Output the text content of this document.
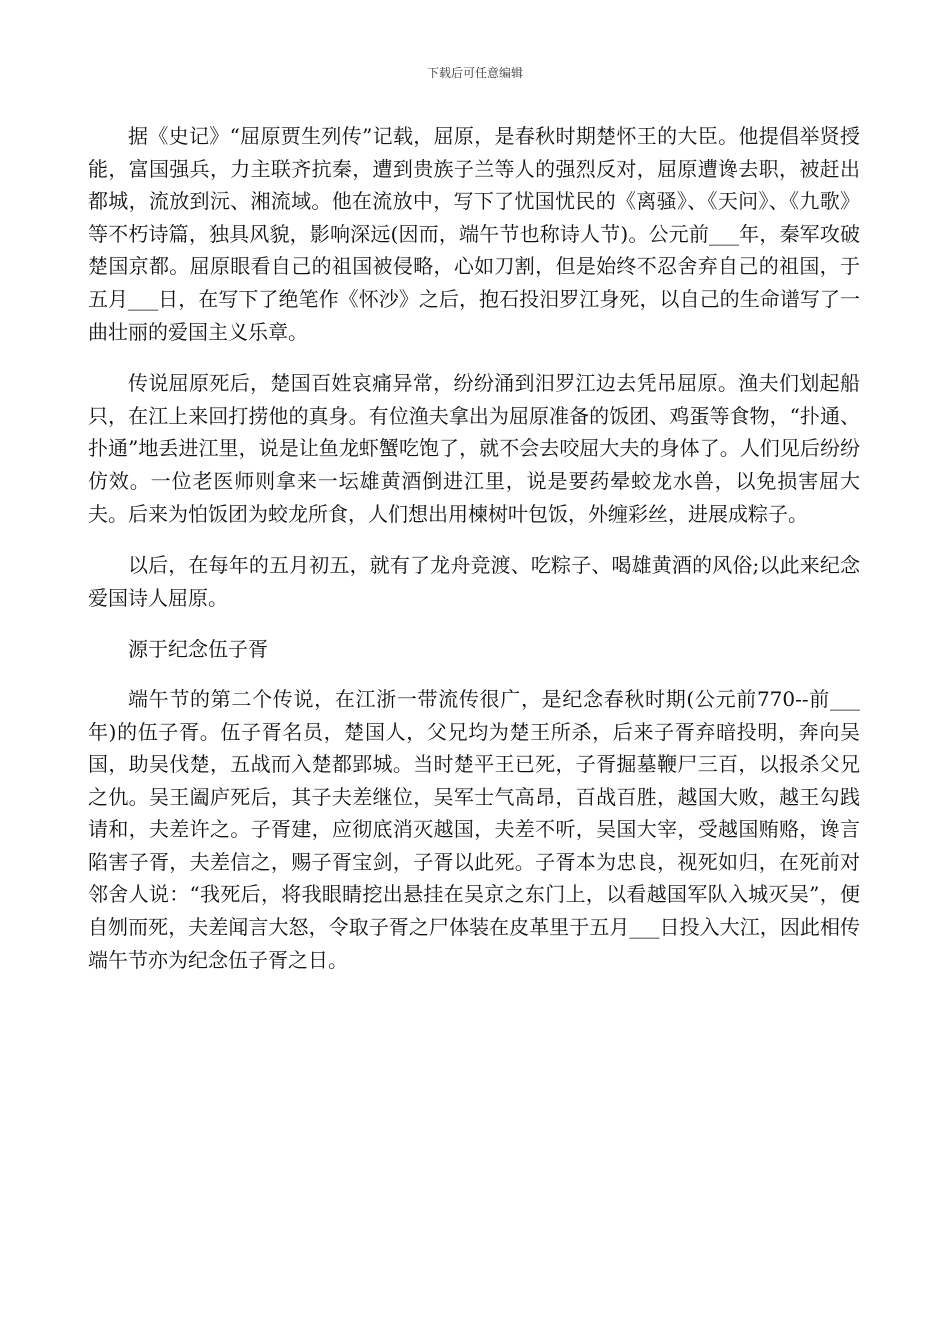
下载后可任意编辑

据《史记》“屈原贾生列传”记载，屈原，是春秋时期楚怀王的大臣。他提倡举贤授能，富国强兵，力主联齐抗秦，遭到贵族子兰等人的强烈反对，屈原遭谗去职，被赶出都城，流放到沅、湘流域。他在流放中，写下了忧国忧民的《离骚》、《天问》、《九歌》等不朽诗篇，独具风貌，影响深远(因而，端午节也称诗人节)。公元前___年，秦军攻破楚国京都。屈原眼看自己的祖国被侵略，心如刀割，但是始终不忍舍弃自己的祖国，于五月___日，在写下了绝笔作《怀沙》之后，抱石投汨罗江身死，以自己的生命谱写了一曲壮丽的爱国主义乐章。

传说屈原死后，楚国百姓哀痛异常，纷纷涌到汨罗江边去凭吊屈原。渔夫们划起船只，在江上来回打捞他的真身。有位渔夫拿出为屈原准备的饭团、鸡蛋等食物，“扑通、扑通”地丢进江里，说是让鱼龙虾蟹吃饱了，就不会去咬屈大夫的身体了。人们见后纷纷仿效。一位老医师则拿来一坛雄黄酒倒进江里，说是要药晕蛟龙水兽，以免损害屈大夫。后来为怕饭团为蛟龙所食，人们想出用楝树叶包饭，外缠彩丝，进展成粽子。

以后，在每年的五月初五，就有了龙舟竞渡、吃粽子、喝雄黄酒的风俗;以此来纪念爱国诗人屈原。

源于纪念伍子胥

端午节的第二个传说，在江浙一带流传很广，是纪念春秋时期(公元前770--前___年)的伍子胥。伍子胥名员，楚国人，父兄均为楚王所杀，后来子胥弃暗投明，奔向吴国，助吴伐楚，五战而入楚都郢城。当时楚平王已死，子胥掘墓鞭尸三百，以报杀父兄之仇。吴王阖庐死后，其子夫差继位，吴军士气高昂，百战百胜，越国大败，越王勾践请和，夫差许之。子胥建，应彻底消灭越国，夫差不听，吴国大宰，受越国贿赂，谗言陷害子胥，夫差信之，赐子胥宝剑，子胥以此死。子胥本为忠良，视死如归，在死前对邻舍人说：“我死后，将我眼睛挖出悬挂在吴京之东门上，以看越国军队入城灭吴”，便自刎而死，夫差闻言大怒，令取子胥之尸体装在皮革里于五月___日投入大江，因此相传端午节亦为纪念伍子胥之日。
